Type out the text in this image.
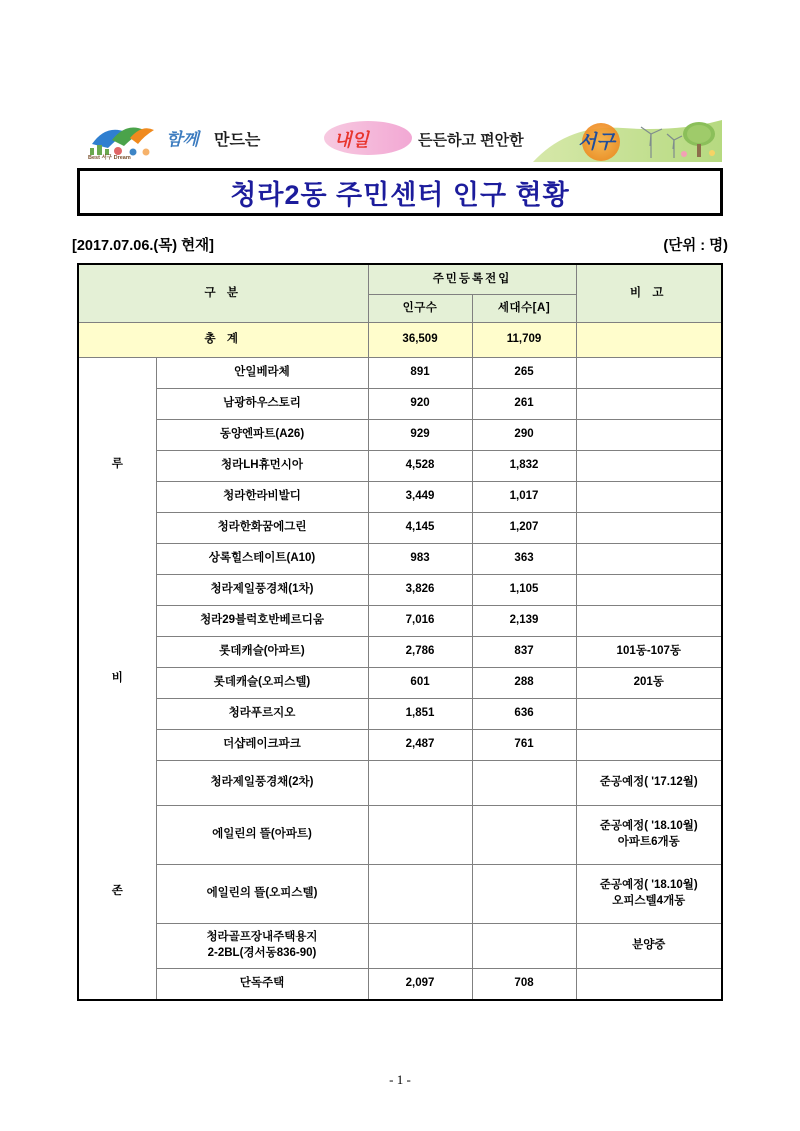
함께 만드는	내일	든든하고 편안한	서구
Best 서구 Dream
청라2동 주민센터 인구 현황
[2017.07.06.(목) 현재]	(단위 : 명)
구 분		주민등록전입		비 고
		인구수	세대수[A]	
총 계		36,509	11,709	

루
비
존	안일베라체	891	265	
	남광하우스토리	920	261	
	동양엔파트(A26)	929	290	
	청라LH휴먼시아	4,528	1,832	
	청라한라비발디	3,449	1,017	
	청라한화꿈에그린	4,145	1,207	
	상록힐스테이트(A10)	983	363	
	청라제일풍경채(1차)	3,826	1,105	
	청라29블럭호반베르디움	7,016	2,139	
	롯데캐슬(아파트)	2,786	837	101동-107동
	롯데캐슬(오피스텔)	601	288	201동
	청라푸르지오	1,851	636	
	더샵레이크파크	2,487	761	
	청라제일풍경채(2차)			준공예정( '17.12월)
	에일린의 뜰(아파트)			준공예정( '18.10월)
아파트6개동
	에일린의 뜰(오피스텔)			준공예정( '18.10월)
오피스텔4개동
	청라골프장내주택용지
2-2BL(경서동836-90)			분양중
	단독주택	2,097	708	
- 1 -
